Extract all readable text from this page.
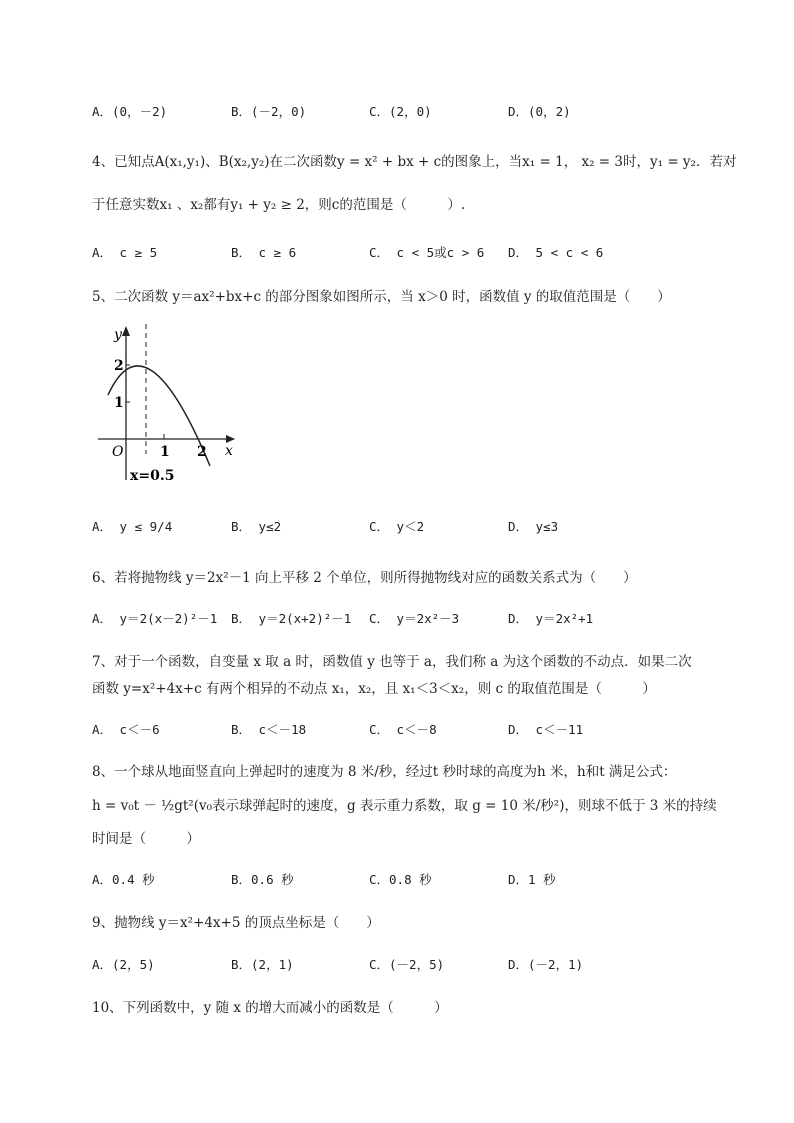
A．(0，－2)	B．(－2，0)	C．(2，0)	D．(0，2)
4、已知点A(x₁,y₁)、B(x₂,y₂)在二次函数y = x² + bx + c的图象上，当x₁ = 1， x₂ = 3时，y₁ = y₂．若对
于任意实数x₁ 、x₂都有y₁ + y₂ ≥ 2，则c的范围是（　　　）.
A． c ≥ 5	B． c ≥ 6	C． c < 5或c > 6 D． 5 < c < 6
5、二次函数 y＝ax²+bx+c 的部分图象如图所示，当 x＞0 时，函数值 y 的取值范围是（　　）
y
x
O
2
1
1 2
x=0.5
A． y ≤ 9/4	B． y≤2	C． y＜2	D． y≤3
6、若将抛物线 y＝2x²－1 向上平移 2 个单位，则所得抛物线对应的函数关系式为（　　）
A． y＝2(x－2)²－1 B． y＝2(x+2)²－1 C． y＝2x²－3	D． y＝2x²+1
7、对于一个函数，自变量 x 取 a 时，函数值 y 也等于 a，我们称 a 为这个函数的不动点．如果二次
函数 y=x²+4x+c 有两个相异的不动点 x₁，x₂，且 x₁＜3＜x₂，则 c 的取值范围是（　　　）
A． c＜－6	B． c＜－18	C． c＜－8	D． c＜－11
8、一个球从地面竖直向上弹起时的速度为 8 米/秒，经过t 秒时球的高度为h 米，h和t 满足公式：
h = v₀t － ½gt²(v₀表示球弹起时的速度，g 表示重力系数，取 g = 10 米/秒²)，则球不低于 3 米的持续
时间是（　　　）
A．0.4 秒	B．0.6 秒	C．0.8 秒	D．1 秒
9、抛物线 y＝x²+4x+5 的顶点坐标是（　　）
A．(2，5)	B．(2，1)	C．(－2，5)	D．(－2，1)
10、下列函数中，y 随 x 的增大而减小的函数是（　　　）
